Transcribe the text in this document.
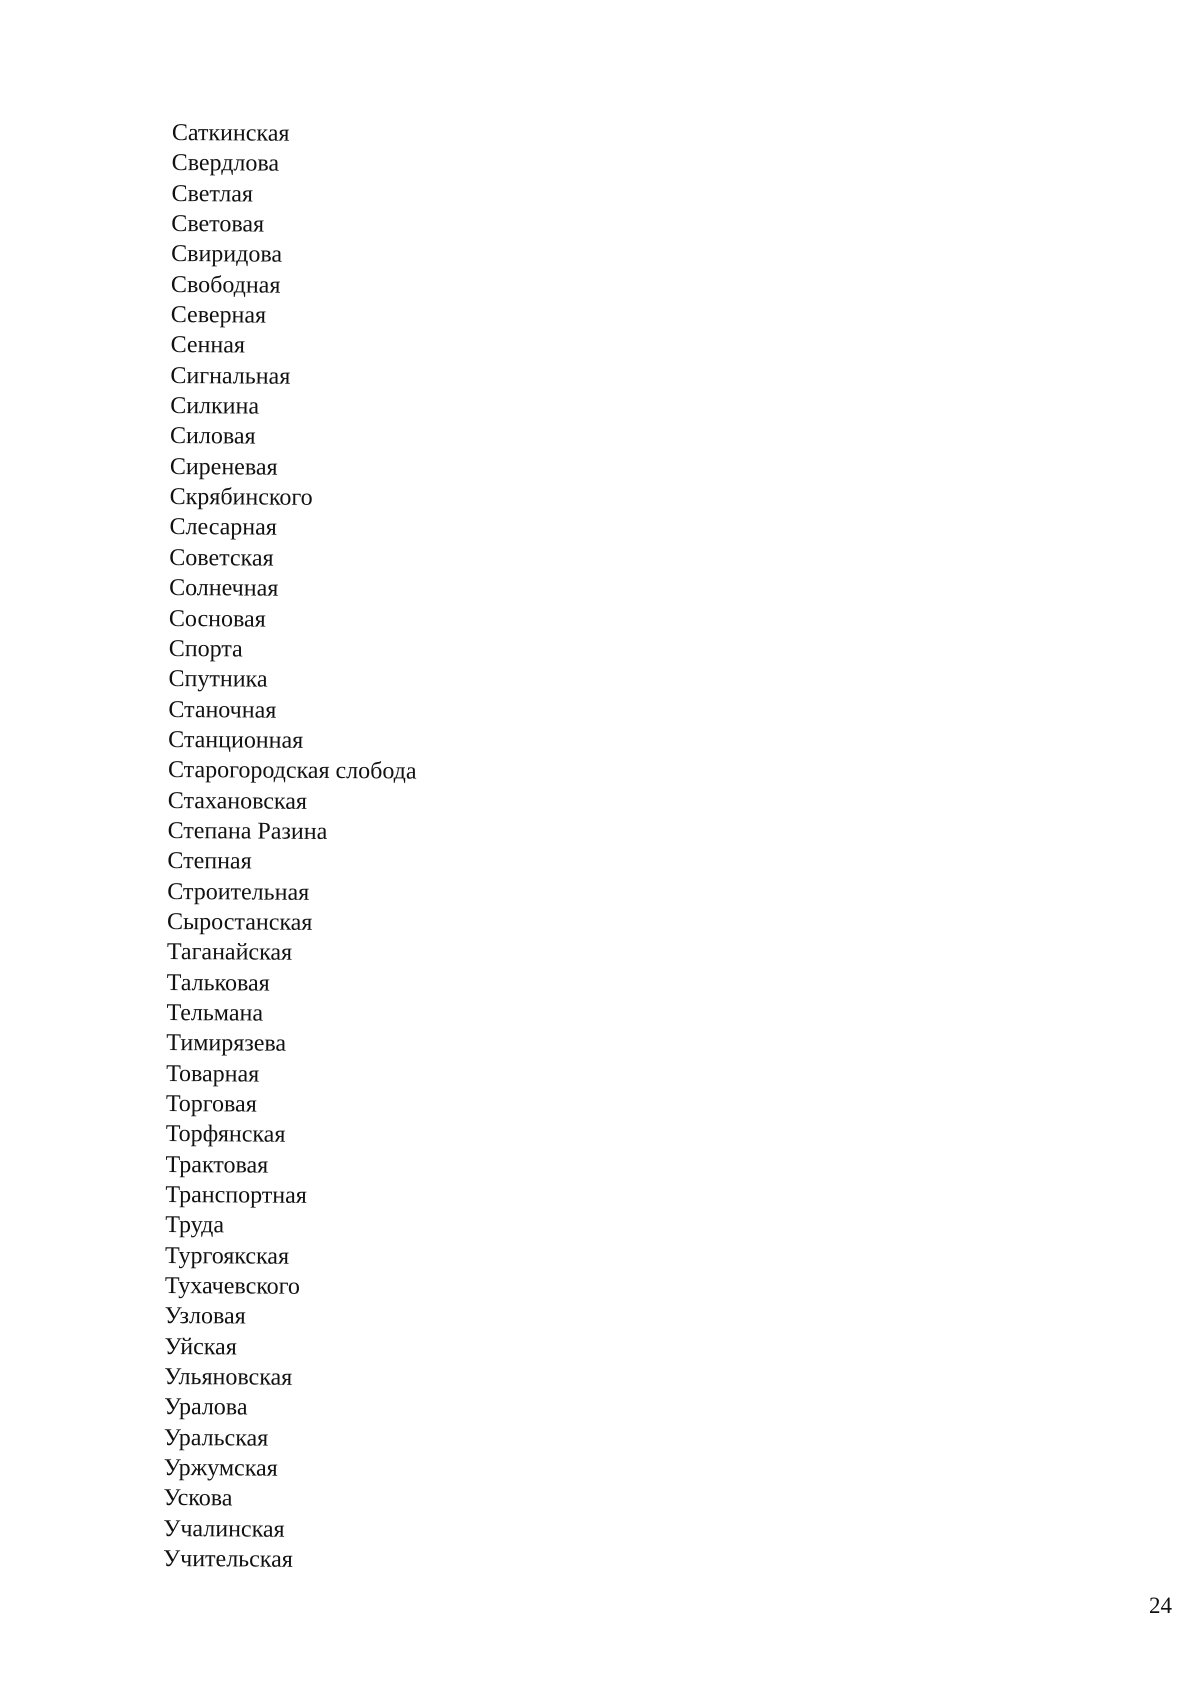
Саткинская
Свердлова
Светлая
Световая
Свиридова
Свободная
Северная
Сенная
Сигнальная
Силкина
Силовая
Сиреневая
Скрябинского
Слесарная
Советская
Солнечная
Сосновая
Спорта
Спутника
Станочная
Станционная
Старогородская слобода
Стахановская
Степана Разина
Степная
Строительная
Сыростанская
Таганайская
Тальковая
Тельмана
Тимирязева
Товарная
Торговая
Торфянская
Трактовая
Транспортная
Труда
Тургоякская
Тухачевского
Узловая
Уйская
Ульяновская
Уралова
Уральская
Уржумская
Ускова
Учалинская
Учительская
24
